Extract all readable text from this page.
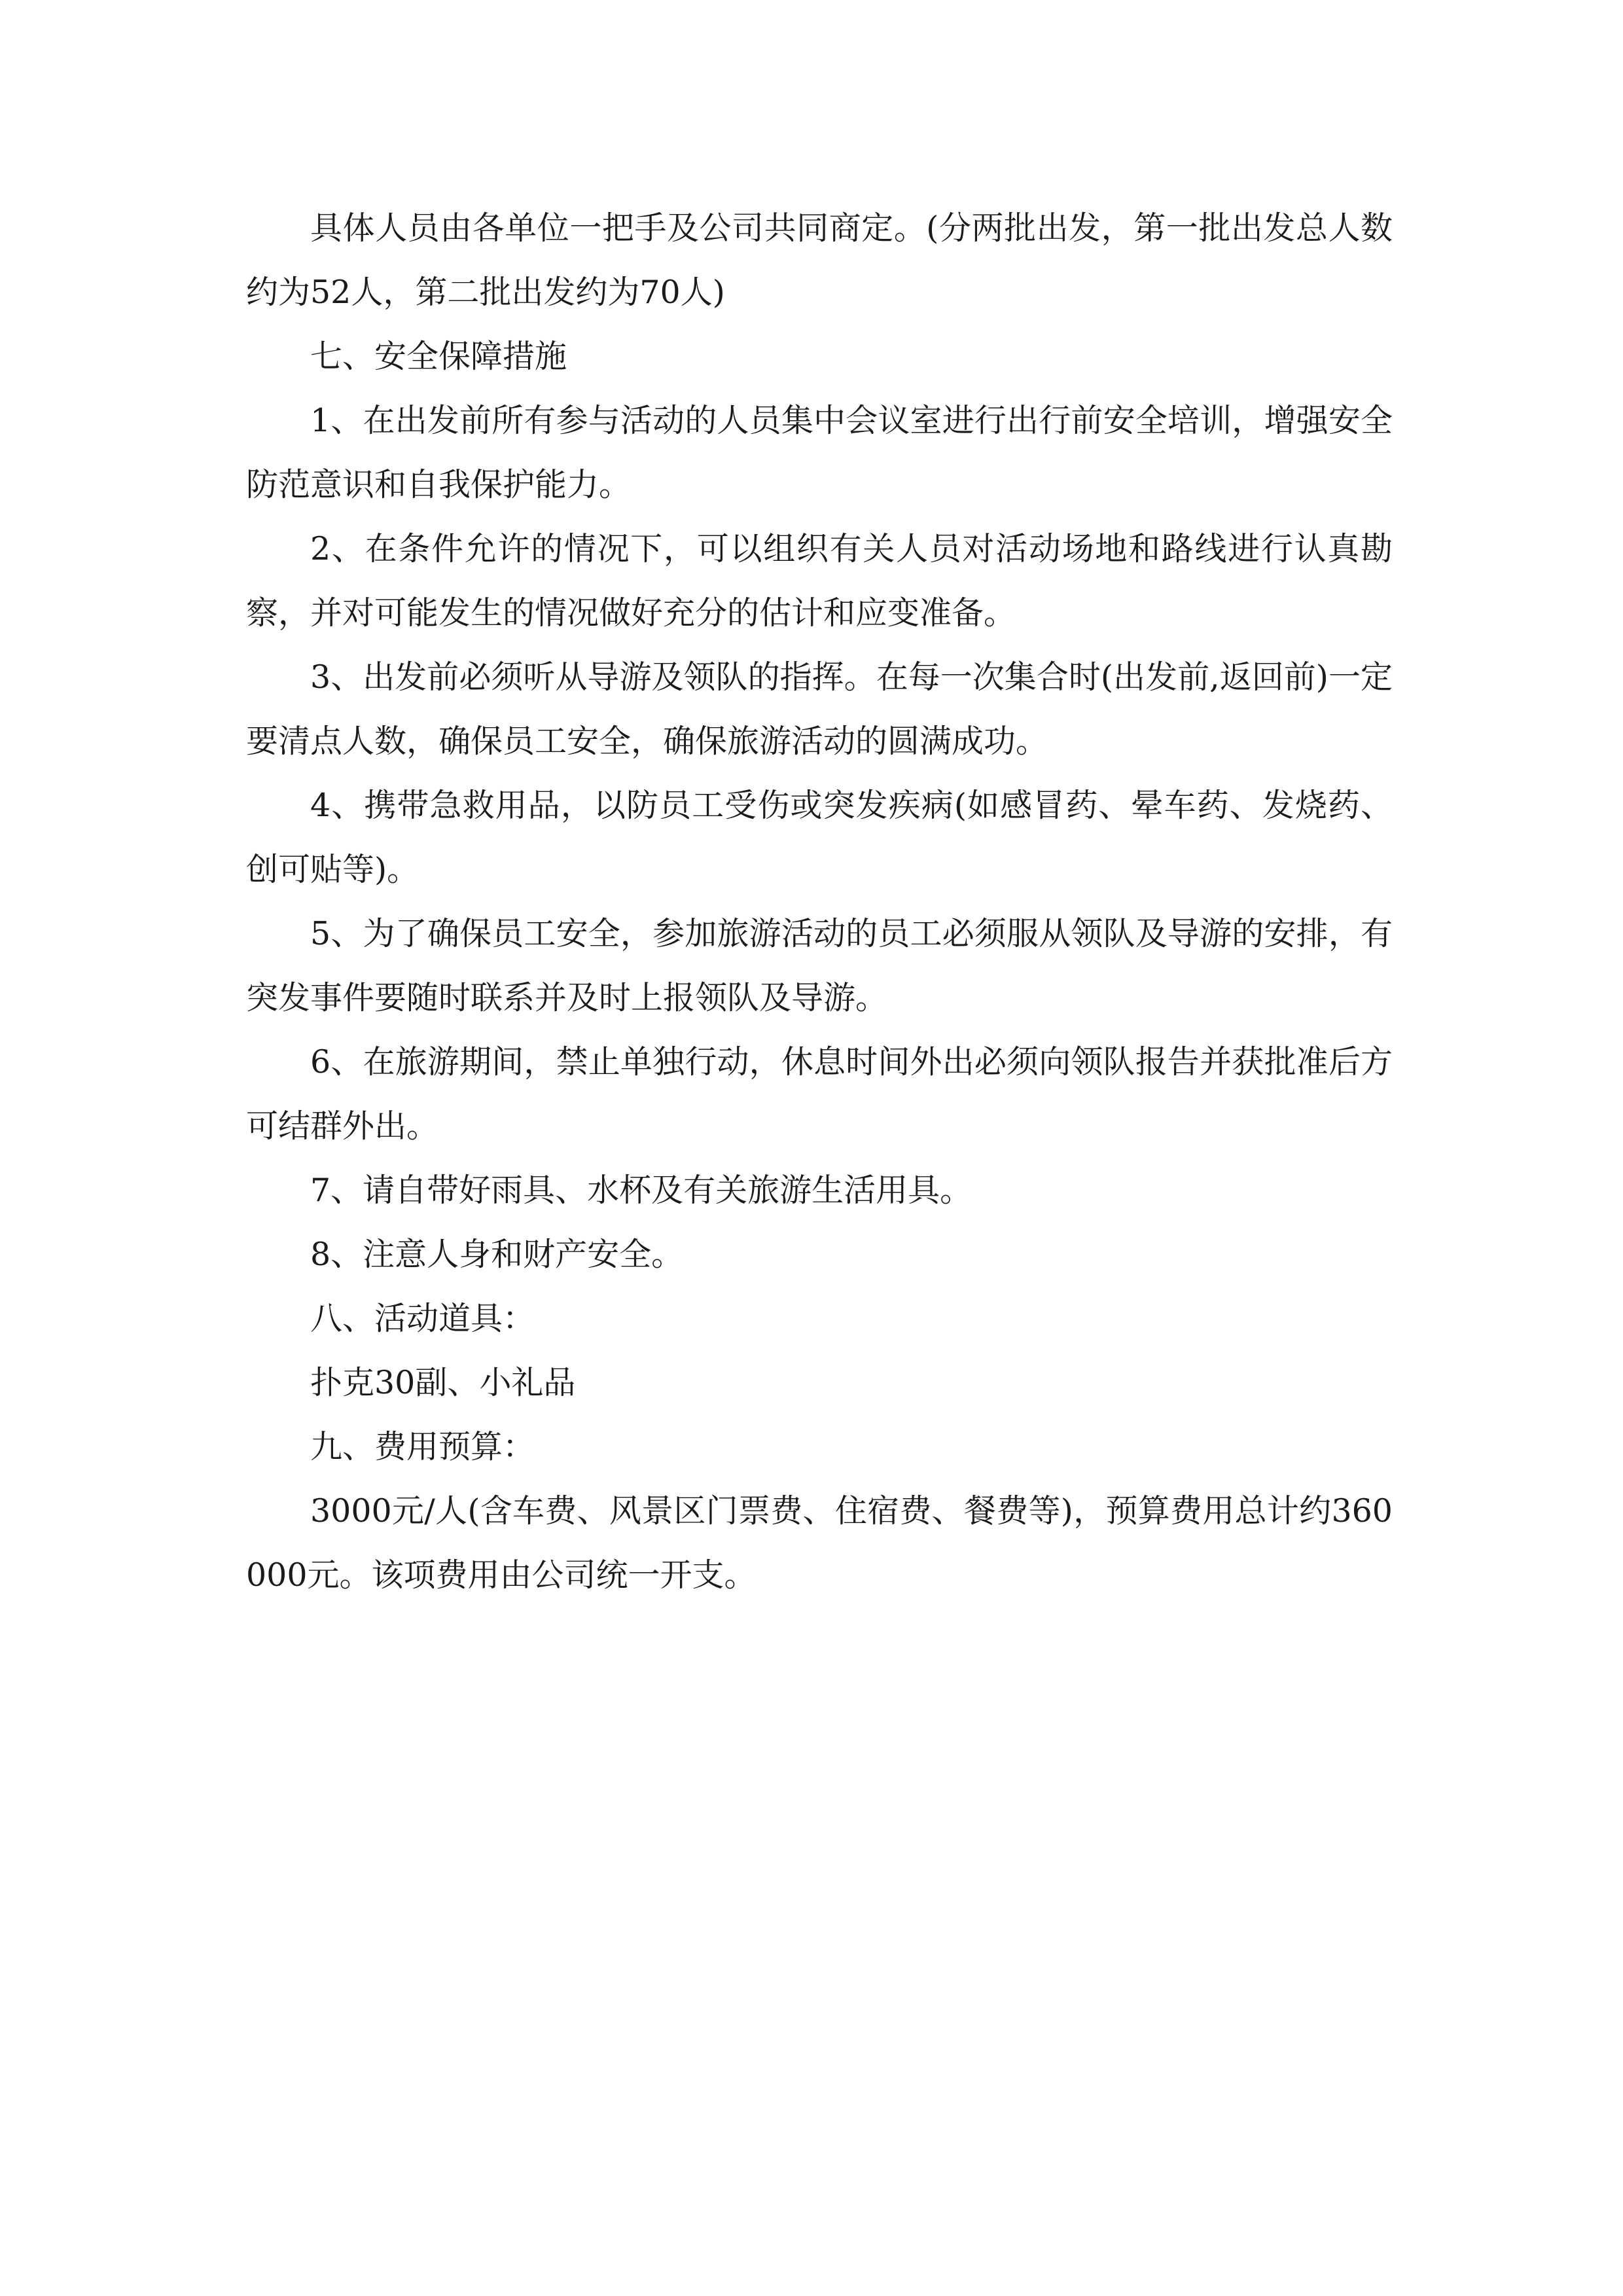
具体人员由各单位一把手及公司共同商定。(分两批出发，第一批出发总人数约为52人，第二批出发约为70人)

七、安全保障措施

1、在出发前所有参与活动的人员集中会议室进行出行前安全培训，增强安全防范意识和自我保护能力。

2、在条件允许的情况下，可以组织有关人员对活动场地和路线进行认真勘察，并对可能发生的情况做好充分的估计和应变准备。

3、出发前必须听从导游及领队的指挥。在每一次集合时(出发前,返回前)一定要清点人数，确保员工安全，确保旅游活动的圆满成功。

4、携带急救用品，以防员工受伤或突发疾病(如感冒药、晕车药、发烧药、创可贴等)。

5、为了确保员工安全，参加旅游活动的员工必须服从领队及导游的安排，有突发事件要随时联系并及时上报领队及导游。

6、在旅游期间，禁止单独行动，休息时间外出必须向领队报告并获批准后方可结群外出。

7、请自带好雨具、水杯及有关旅游生活用具。

8、注意人身和财产安全。

八、活动道具：

扑克30副、小礼品

九、费用预算：

3000元/人(含车费、风景区门票费、住宿费、餐费等)，预算费用总计约360000元。该项费用由公司统一开支。
